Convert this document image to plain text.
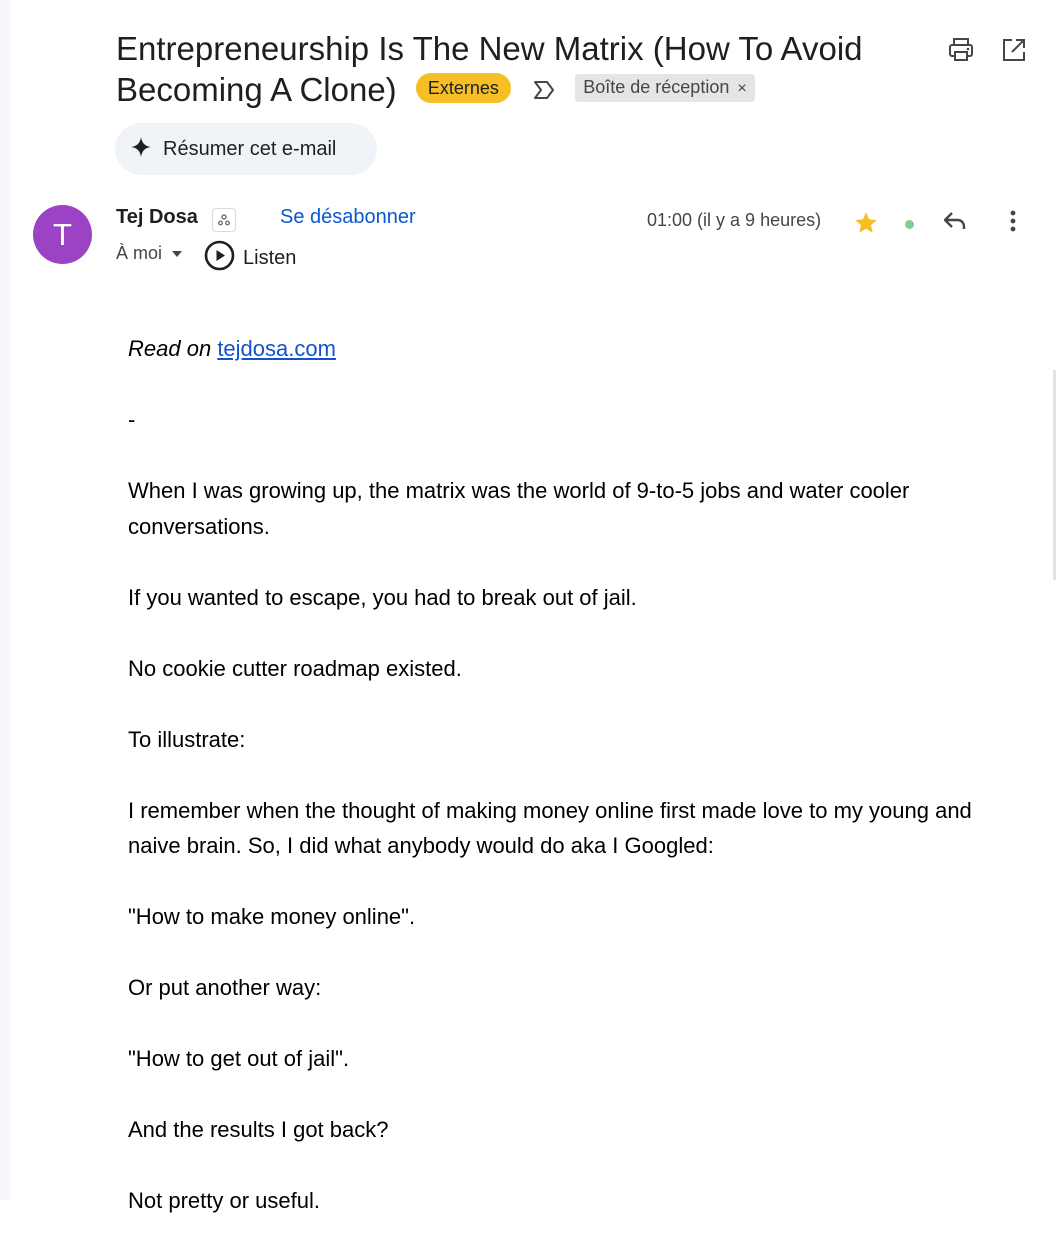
Entrepreneurship Is The New Matrix (How To Avoid Becoming A Clone) Externes	Boîte de réception ×
Résumer cet e-mail
T	Tej Dosa	Se désabonner
À moi	Listen
01:00 (il y a 9 heures)

Read on tejdosa.com

-

When I was growing up, the matrix was the world of 9-to-5 jobs and water cooler conversations.

If you wanted to escape, you had to break out of jail.

No cookie cutter roadmap existed.

To illustrate:

I remember when the thought of making money online first made love to my young and naive brain. So, I did what anybody would do aka I Googled:

"How to make money online".

Or put another way:

"How to get out of jail".

And the results I got back?

Not pretty or useful.
